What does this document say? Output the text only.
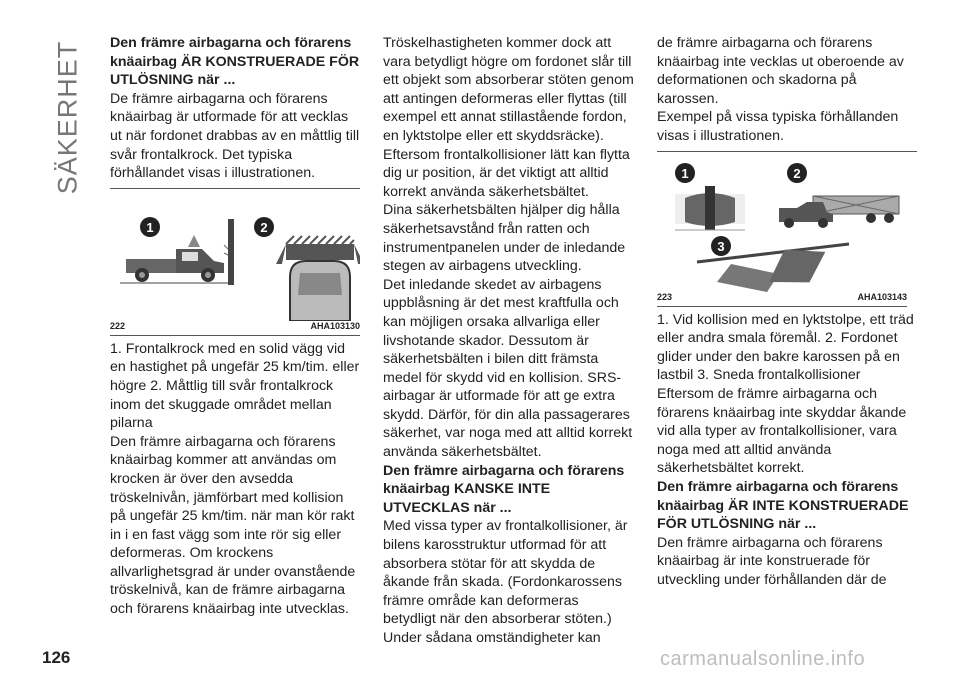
SÄKERHET Den främre airbagarna och förarens knäairbag ÄR KONSTRUERADE FÖR UTLÖSNING när ...

De främre airbagarna och förarens knäairbag är utformade för att vecklas ut när fordonet drabbas av en måttlig till svår frontalkrock. Det typiska förhållandet visas i illustrationen.

1	2
222	AHA103130

1. Frontalkrock med en solid vägg vid en hastighet på ungefär 25 km/tim. eller högre 2. Måttlig till svår frontalkrock inom det skuggade området mellan pilarna

Den främre airbagarna och förarens knäairbag kommer att användas om krocken är över den avsedda tröskelnivån, jämförbart med kollision på ungefär 25 km/tim. när man kör rakt in i en fast vägg som inte rör sig eller deformeras. Om krockens allvarlighetsgrad är under ovanstående tröskelnivå, kan de främre airbagarna och förarens knäairbag inte utvecklas.

Tröskelhastigheten kommer dock att vara betydligt högre om fordonet slår till ett objekt som absorberar stöten genom att antingen deformeras eller flyttas (till exempel ett annat stillastående fordon, en lyktstolpe eller ett skyddsräcke).

Eftersom frontalkollisioner lätt kan flytta dig ur position, är det viktigt att alltid korrekt använda säkerhetsbältet.

Dina säkerhetsbälten hjälper dig hålla säkerhetsavstånd från ratten och instrumentpanelen under de inledande stegen av airbagens utveckling.

Det inledande skedet av airbagens uppblåsning är det mest kraftfulla och kan möjligen orsaka allvarliga eller livshotande skador. Dessutom är säkerhetsbälten i bilen ditt främsta medel för skydd vid en kollision. SRS-airbagar är utformade för att ge extra skydd. Därför, för din alla passagerares säkerhet, var noga med att alltid korrekt använda säkerhetsbältet.

Den främre airbagarna och förarens knäairbag KANSKE INTE UTVECKLAS när ...

Med vissa typer av frontalkollisioner, är bilens karosstruktur utformad för att absorbera stötar för att skydda de åkande från skada. (Fordonkarossens främre område kan deformeras betydligt när den absorberar stöten.) Under sådana omständigheter kan

de främre airbagarna och förarens knäairbag inte vecklas ut oberoende av deformationen och skadorna på karossen.

Exempel på vissa typiska förhållanden visas i illustrationen.

1	2
3
223	AHA103143

1. Vid kollision med en lyktstolpe, ett träd eller andra smala föremål. 2. Fordonet glider under den bakre karossen på en lastbil 3. Sneda frontalkollisioner

Eftersom de främre airbagarna och förarens knäairbag inte skyddar åkande vid alla typer av frontalkollisioner, vara noga med att alltid använda säkerhetsbältet korrekt.

Den främre airbagarna och förarens knäairbag ÄR INTE KONSTRUERADE FÖR UTLÖSNING när ...

Den främre airbagarna och förarens knäairbag är inte konstruerade för utveckling under förhållanden där de

126	carmanualsonline.info
